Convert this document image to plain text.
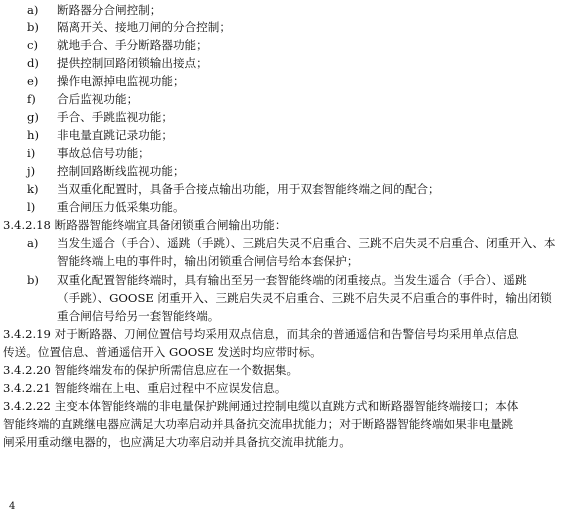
a)	断路器分合闸控制；
b)	隔离开关、接地刀闸的分合控制；
c)	就地手合、手分断路器功能；
d)	提供控制回路闭锁输出接点；
e)	操作电源掉电监视功能；
f)	合后监视功能；
g)	手合、手跳监视功能；
h)	非电量直跳记录功能；
i)	事故总信号功能；
j)	控制回路断线监视功能；
k)	当双重化配置时，具备手合接点输出功能，用于双套智能终端之间的配合；
l)	重合闸压力低采集功能。
3.4.2.18 断路器智能终端宜具备闭锁重合闸输出功能：
a)	当发生遥合（手合）、遥跳（手跳）、三跳启失灵不启重合、三跳不启失灵不启重合、闭重开入、本
智能终端上电的事件时，输出闭锁重合闸信号给本套保护；
b)	双重化配置智能终端时，具有输出至另一套智能终端的闭重接点。当发生遥合（手合）、遥跳
（手跳）、GOOSE 闭重开入、三跳启失灵不启重合、三跳不启失灵不启重合的事件时，输出闭锁
重合闸信号给另一套智能终端。
3.4.2.19 对于断路器、刀闸位置信号均采用双点信息，而其余的普通遥信和告警信号均采用单点信息
传送。位置信息、普通遥信开入 GOOSE 发送时均应带时标。
3.4.2.20 智能终端发布的保护所需信息应在一个数据集。
3.4.2.21 智能终端在上电、重启过程中不应误发信息。
3.4.2.22 主变本体智能终端的非电量保护跳闸通过控制电缆以直跳方式和断路器智能终端接口；本体
智能终端的直跳继电器应满足大功率启动并具备抗交流串扰能力；对于断路器智能终端如果非电量跳
闸采用重动继电器的，也应满足大功率启动并具备抗交流串扰能力。
4
